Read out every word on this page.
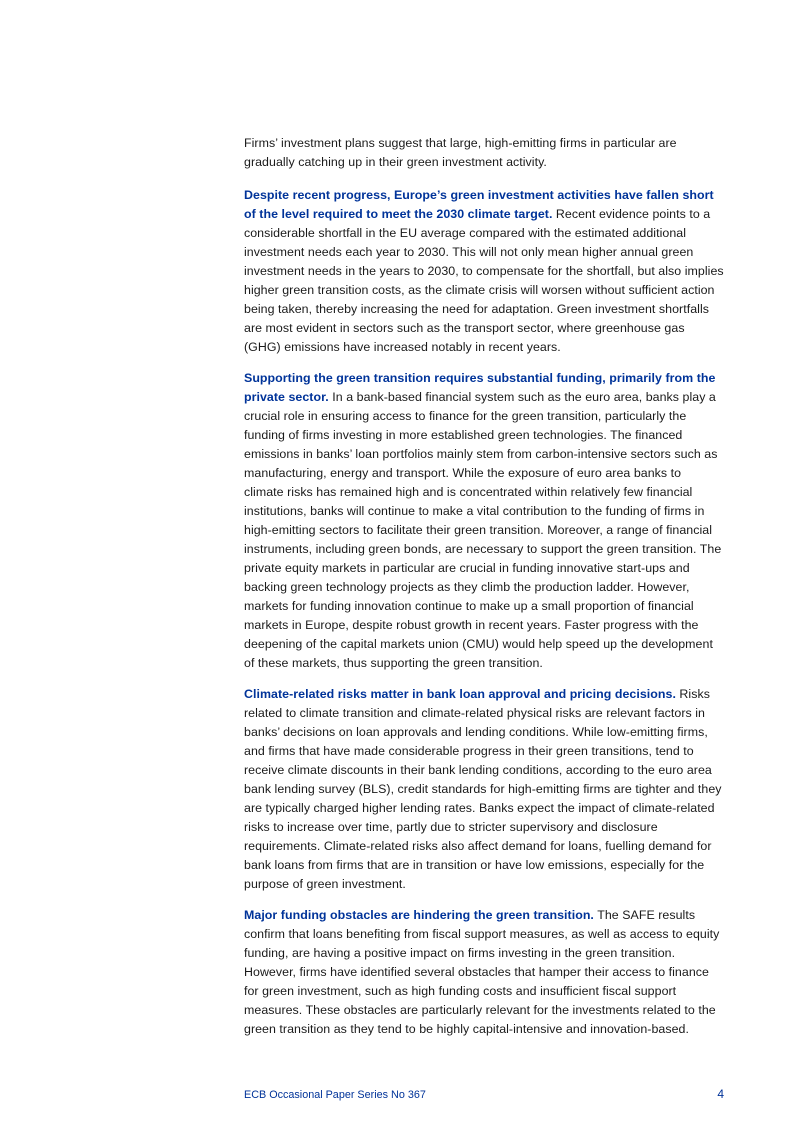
Firms’ investment plans suggest that large, high-emitting firms in particular are gradually catching up in their green investment activity.

Despite recent progress, Europe’s green investment activities have fallen short of the level required to meet the 2030 climate target. Recent evidence points to a considerable shortfall in the EU average compared with the estimated additional investment needs each year to 2030. This will not only mean higher annual green investment needs in the years to 2030, to compensate for the shortfall, but also implies higher green transition costs, as the climate crisis will worsen without sufficient action being taken, thereby increasing the need for adaptation. Green investment shortfalls are most evident in sectors such as the transport sector, where greenhouse gas (GHG) emissions have increased notably in recent years.

Supporting the green transition requires substantial funding, primarily from the private sector. In a bank-based financial system such as the euro area, banks play a crucial role in ensuring access to finance for the green transition, particularly the funding of firms investing in more established green technologies. The financed emissions in banks’ loan portfolios mainly stem from carbon-intensive sectors such as manufacturing, energy and transport. While the exposure of euro area banks to climate risks has remained high and is concentrated within relatively few financial institutions, banks will continue to make a vital contribution to the funding of firms in high-emitting sectors to facilitate their green transition. Moreover, a range of financial instruments, including green bonds, are necessary to support the green transition. The private equity markets in particular are crucial in funding innovative start-ups and backing green technology projects as they climb the production ladder. However, markets for funding innovation continue to make up a small proportion of financial markets in Europe, despite robust growth in recent years. Faster progress with the deepening of the capital markets union (CMU) would help speed up the development of these markets, thus supporting the green transition.

Climate-related risks matter in bank loan approval and pricing decisions. Risks related to climate transition and climate-related physical risks are relevant factors in banks’ decisions on loan approvals and lending conditions. While low-emitting firms, and firms that have made considerable progress in their green transitions, tend to receive climate discounts in their bank lending conditions, according to the euro area bank lending survey (BLS), credit standards for high-emitting firms are tighter and they are typically charged higher lending rates. Banks expect the impact of climate-related risks to increase over time, partly due to stricter supervisory and disclosure requirements. Climate-related risks also affect demand for loans, fuelling demand for bank loans from firms that are in transition or have low emissions, especially for the purpose of green investment.

Major funding obstacles are hindering the green transition. The SAFE results confirm that loans benefiting from fiscal support measures, as well as access to equity funding, are having a positive impact on firms investing in the green transition. However, firms have identified several obstacles that hamper their access to finance for green investment, such as high funding costs and insufficient fiscal support measures. These obstacles are particularly relevant for the investments related to the green transition as they tend to be highly capital-intensive and innovation-based.

ECB Occasional Paper Series No 367	4
